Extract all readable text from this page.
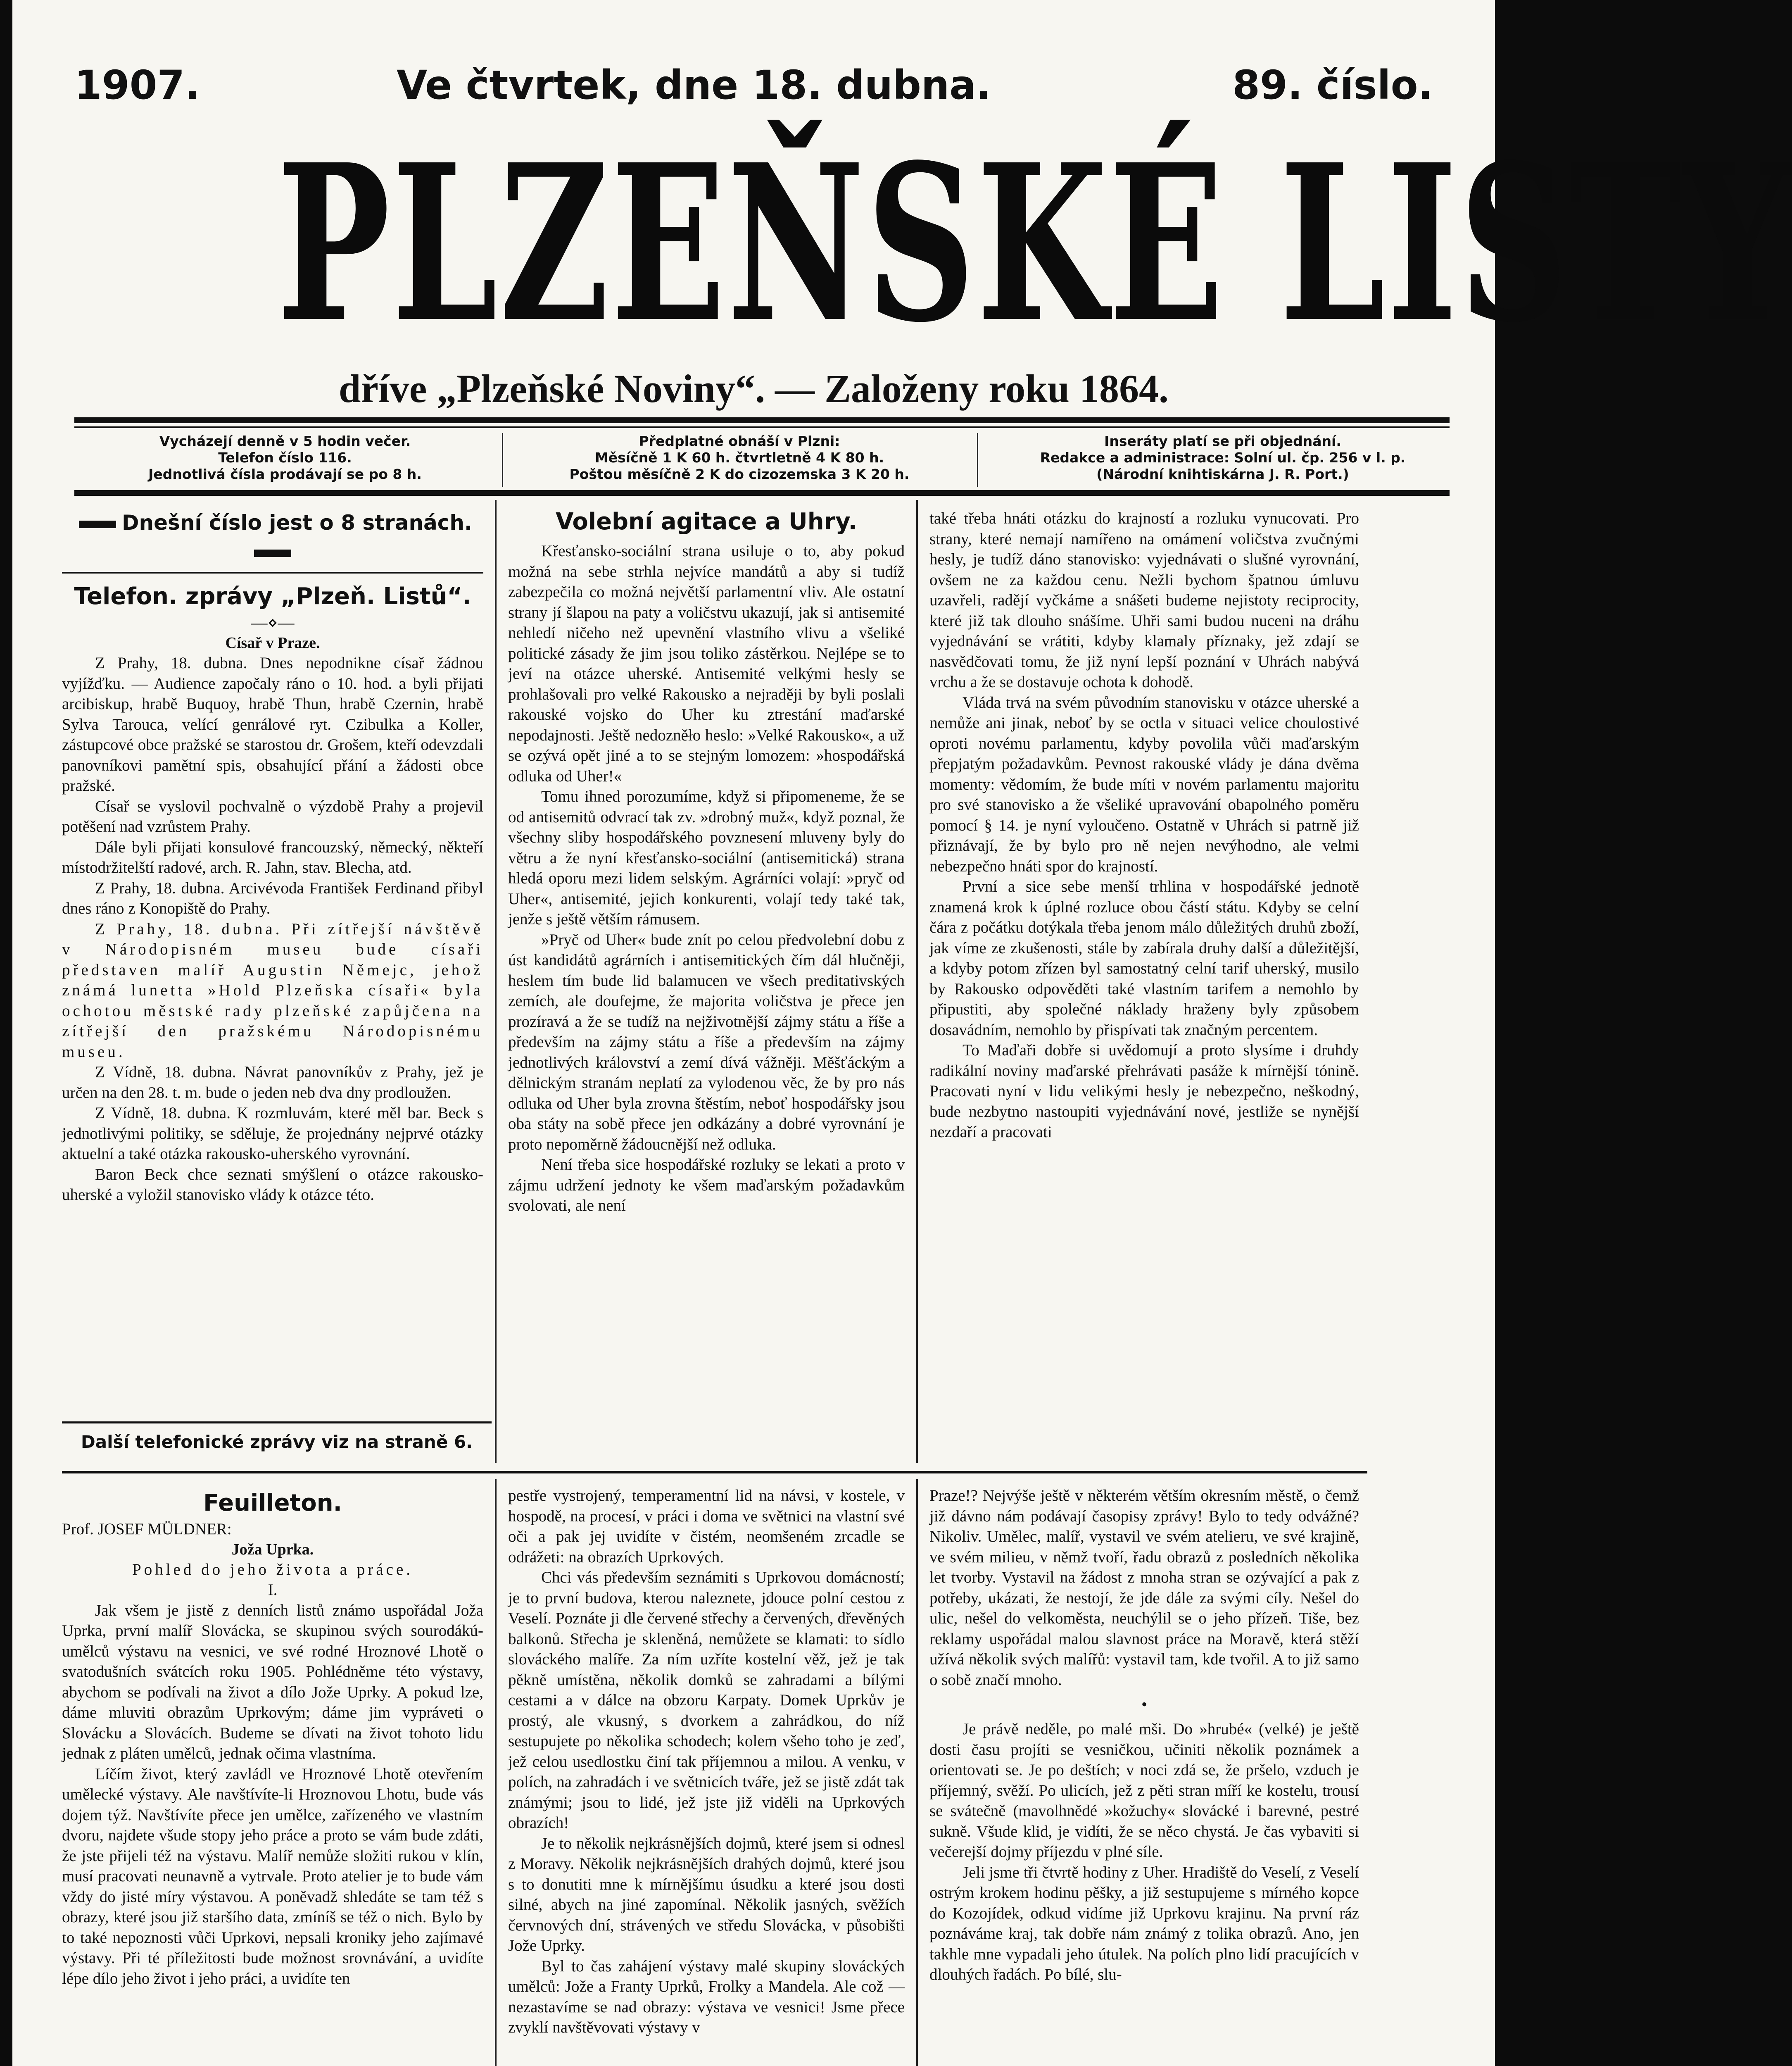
1907.	Ve čtvrtek, dne 18. dubna.	89. číslo.
PLZEŇSKÉ LISTY
dříve „Plzeňské Noviny“. — Založeny roku 1864.
Vycházejí denně v 5 hodin večer.
Telefon číslo 116.
Jednotlivá čísla prodávají se po 8 h.
Předplatné obnáší v Plzni:
Měsíčně 1 K 60 h. čtvrtletně 4 K 80 h.
Poštou měsíčně 2 K do cizozemska 3 K 20 h.
Inseráty platí se při objednání.
Redakce a administrace: Solní ul. čp. 256 v l. p.
(Národní knihtiskárna J. R. Port.)
Dnešní číslo jest o 8 stranách.
Telefon. zprávy „Plzeň. Listů“.
—⋄—
Císař v Praze.

Z Prahy, 18. dubna. Dnes nepodnikne císař žádnou vyjížďku. — Audience započaly ráno o 10. hod. a byli přijati arcibiskup, hrabě Buquoy, hrabě Thun, hrabě Czernin, hrabě Sylva Tarouca, velící genrálové ryt. Czibulka a Koller, zástupcové obce pražské se starostou dr. Grošem, kteří odevzdali panovníkovi pamětní spis, obsahující přání a žádosti obce pražské.

Císař se vyslovil pochvalně o výzdobě Prahy a projevil potěšení nad vzrůstem Prahy.

Dále byli přijati konsulové francouzský, německý, někteří místodržitelští radové, arch. R. Jahn, stav. Blecha, atd.

Z Prahy, 18. dubna. Arcivévoda František Ferdinand přibyl dnes ráno z Konopiště do Prahy.

Z Prahy, 18. dubna. Při zítřejší návštěvě v Národopisném museu bude císaři představen malíř Augustin Němejc, jehož známá lunetta »Hold Plzeňska císaři« byla ochotou městské rady plzeňské zapůjčena na zítřejší den pražskému Národopisnému museu.

Z Vídně, 18. dubna. Návrat panovníkův z Prahy, jež je určen na den 28. t. m. bude o jeden neb dva dny prodloužen.

Z Vídně, 18. dubna. K rozmluvám, které měl bar. Beck s jednotlivými politiky, se sděluje, že projednány nejprvé otázky aktuelní a také otázka rakousko-uherského vyrovnání.

Baron Beck chce seznati smýšlení o otázce rakousko-uherské a vyložil stanovisko vlády k otázce této.

Další telefonické zprávy viz na straně 6.
Volební agitace a Uhry.

Křesťansko-sociální strana usiluje o to, aby pokud možná na sebe strhla nejvíce mandátů a aby si tudíž zabezpečila co možná největší parlamentní vliv. Ale ostatní strany jí šlapou na paty a voličstvu ukazují, jak si antisemité nehledí ničeho než upevnění vlastního vlivu a všeliké politické zásady že jim jsou toliko zástěrkou. Nejlépe se to jeví na otázce uherské. Antisemité velkými hesly se prohlašovali pro velké Rakousko a nejraději by byli poslali rakouské vojsko do Uher ku ztrestání maďarské nepodajnosti. Ještě nedozněło heslo: »Velké Rakousko«, a už se ozývá opět jiné a to se stejným lomozem: »hospodářská odluka od Uher!«

Tomu ihned porozumíme, když si připomeneme, že se od antisemitů odvrací tak zv. »drobný muž«, když poznal, že všechny sliby hospodářského povznesení mluveny byly do větru a že nyní křesťansko-sociální (antisemitická) strana hledá oporu mezi lidem selským. Agrárníci volají: »pryč od Uher«, antisemité, jejich konkurenti, volají tedy také tak, jenže s ještě větším rámusem.

»Pryč od Uher« bude znít po celou předvolební dobu z úst kandidátů agrárních i antisemitických čím dál hlučněji, heslem tím bude lid balamucen ve všech preditativských zemích, ale doufejme, že majorita voličstva je přece jen prozíravá a že se tudíž na nejživotnější zájmy státu a říše a především na zájmy státu a říše a především na zájmy jednotlivých království a zemí dívá vážněji. Měšťáckým a dělnickým stranám neplatí za vylodenou věc, že by pro nás odluka od Uher byla zrovna štěstím, neboť hospodářsky jsou oba státy na sobě přece jen odkázány a dobré vyrovnání je proto nepoměrně žádoucnější než odluka.

Není třeba sice hospodářské rozluky se lekati a proto v zájmu udržení jednoty ke všem maďarským požadavkům svolovati, ale není

také třeba hnáti otázku do krajností a rozluku vynucovati. Pro strany, které nemají namířeno na omámení voličstva zvučnými hesly, je tudíž dáno stanovisko: vyjednávati o slušné vyrovnání, ovšem ne za každou cenu. Nežli bychom špatnou úmluvu uzavřeli, radějí vyčkáme a snášeti budeme nejistoty reciprocity, které již tak dlouho snášíme. Uhři sami budou nuceni na dráhu vyjednávání se vrátiti, kdyby klamaly příznaky, jež zdají se nasvědčovati tomu, že již nyní lepší poznání v Uhrách nabývá vrchu a že se dostavuje ochota k dohodě.

Vláda trvá na svém původním stanovisku v otázce uherské a nemůže ani jinak, neboť by se octla v situaci velice choulostivé oproti novému parlamentu, kdyby povolila vůči maďarským přepjatým požadavkům. Pevnost rakouské vlády je dána dvěma momenty: vědomím, že bude míti v novém parlamentu majoritu pro své stanovisko a že všeliké upravování obapolného poměru pomocí § 14. je nyní vyloučeno. Ostatně v Uhrách si patrně již přiznávají, že by bylo pro ně nejen nevýhodno, ale velmi nebezpečno hnáti spor do krajností.

První a sice sebe menší trhlina v hospodářské jednotě znamená krok k úplné rozluce obou částí státu. Kdyby se celní čára z počátku dotýkala třeba jenom málo důležitých druhů zboží, jak víme ze zkušenosti, stále by zabírala druhy další a důležitější, a kdyby potom zřízen byl samostatný celní tarif uherský, musilo by Rakousko odpověděti také vlastním tarifem a nemohlo by připustiti, aby společné náklady hraženy byly způsobem dosavádním, nemohlo by přispívati tak značným percentem.

To Maďaři dobře si uvědomují a proto slysíme i druhdy radikální noviny maďarské přehrávati pasáže k mírnější tónině. Pracovati nyní v lidu velikými hesly je nebezpečno, neškodný, bude nezbytno nastoupiti vyjednávání nové, jestliže se nynější nezdaří a pracovati

Feuilleton.
Prof. JOSEF MÜLDNER:
Joža Uprka.
Pohled do jeho života a práce.
I.

Jak všem je jistě z denních listů známo uspořádal Joža Uprka, první malíř Slovácka, se skupinou svých sourodákú-umělců výstavu na vesnici, ve své rodné Hroznové Lhotě o svatodušních svátcích roku 1905. Pohlédněme této výstavy, abychom se podívali na život a dílo Jože Uprky. A pokud lze, dáme mluviti obrazům Uprkovým; dáme jim vypráveti o Slovácku a Slovácích. Budeme se dívati na život tohoto lidu jednak z pláten umělců, jednak očima vlastníma.

Líčím život, který zavládl ve Hroznové Lhotě otevřením umělecké výstavy. Ale navštívíte-li Hroznovou Lhotu, bude vás dojem týž. Navštívíte přece jen umělce, zařízeného ve vlastním dvoru, najdete všude stopy jeho práce a proto se vám bude zdáti, že jste přijeli též na výstavu. Malíř nemůže složiti rukou v klín, musí pracovati neunavně a vytrvale. Proto atelier je to bude vám vždy do jisté míry výstavou. A poněvadž shledáte se tam též s obrazy, které jsou již staršího data, zmíníš se též o nich. Bylo by to také nepoznosti vůči Uprkovi, nepsali kroniky jeho zajímavé výstavy. Při té příležitosti bude možnost srovnávání, a uvidíte lépe dílo jeho život i jeho práci, a uvidíte ten

pestře vystrojený, temperamentní lid na návsi, v kostele, v hospodě, na procesí, v práci i doma ve světnici na vlastní své oči a pak jej uvidíte v čistém, neomšeném zrcadle se odrážeti: na obrazích Uprkových.

Chci vás především seznámiti s Uprkovou domácností; je to první budova, kterou naleznete, jdouce polní cestou z Veselí. Poznáte ji dle červené střechy a červených, dřevěných balkonů. Střecha je skleněná, nemůžete se klamati: to sídlo slováckého malíře. Za ním uzříte kostelní věž, jež je tak pěkně umístěna, několik domků se zahradami a bílými cestami a v dálce na obzoru Karpaty. Domek Uprkův je prostý, ale vkusný, s dvorkem a zahrádkou, do níž sestupujete po několika schodech; kolem všeho toho je zeď, jež celou usedlostku činí tak příjemnou a milou. A venku, v polích, na zahradách i ve světnicích tváře, jež se jistě zdát tak známými; jsou to lidé, jež jste již viděli na Uprkových obrazích!

Je to několik nejkrásnějších dojmů, které jsem si odnesl z Moravy. Několik nejkrásnějších drahých dojmů, které jsou s to donutiti mne k mírnějšímu úsudku a které jsou dosti silné, abych na jiné zapomínal. Několik jasných, svěžích červnových dní, strávených ve středu Slovácka, v působišti Jože Uprky.

Byl to čas zahájení výstavy malé skupiny slováckých umělců: Jože a Franty Uprků, Frolky a Mandela. Ale což — nezastavíme se nad obrazy: výstava ve vesnici! Jsme přece zvyklí navštěvovati výstavy v

Praze!? Nejvýše ještě v některém větším okresním městě, o čemž již dávno nám podávají časopisy zprávy! Bylo to tedy odvážné? Nikoliv. Umělec, malíř, vystavil ve svém atelieru, ve své krajině, ve svém milieu, v němž tvoří, řadu obrazů z posledních několika let tvorby. Vystavil na žádost z mnoha stran se ozývající a pak z potřeby, ukázati, že nestojí, že jde dále za svými cíly. Nešel do ulic, nešel do velkoměsta, neuchýlil se o jeho přízeň. Tiše, bez reklamy uspořádal malou slavnost práce na Moravě, která stěží užívá několik svých malířů: vystavil tam, kde tvořil. A to již samo o sobě značí mnoho.

•

Je právě neděle, po malé mši. Do »hrubé« (velké) je ještě dosti času projíti se vesničkou, učiniti několik poznámek a orientovati se. Je po deštích; v noci zdá se, že pršelo, vzduch je příjemný, svěží. Po ulicích, jež z pěti stran míří ke kostelu, trousí se svátečně (mavolhnědé »kožuchy« slovácké i barevné, pestré sukně. Všude klid, je vidíti, že se něco chystá. Je čas vybaviti si večerejší dojmy příjezdu v plné síle.

Jeli jsme tři čtvrtě hodiny z Uher. Hradiště do Veselí, z Veselí ostrým krokem hodinu pěšky, a již sestupujeme s mírného kopce do Kozojídek, odkud vidíme již Uprkovu krajinu. Na první ráz poznáváme kraj, tak dobře nám známý z tolika obrazů. Ano, jen takhle mne vypadali jeho útulek. Na polích plno lidí pracujících v dlouhých řadách. Po bílé, slu-
